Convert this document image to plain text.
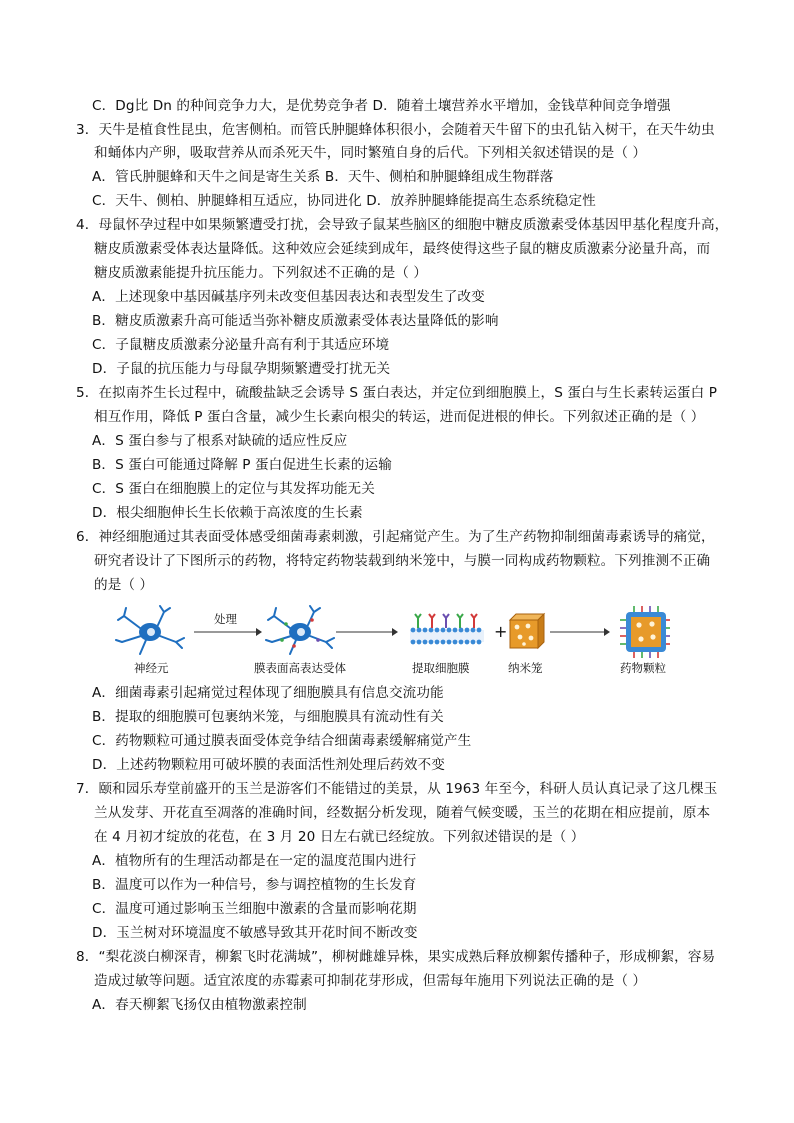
C．Dg比 Dn 的种间竞争力大，是优势竞争者 D．随着土壤营养水平增加，金钱草种间竞争增强
3．天牛是植食性昆虫，危害侧柏。而管氏肿腿蜂体积很小，会随着天牛留下的虫孔钻入树干，在天牛幼虫
和蛹体内产卵，吸取营养从而杀死天牛，同时繁殖自身的后代。下列相关叙述错误的是（ ）
A．管氏肿腿蜂和天牛之间是寄生关系 B．天牛、侧柏和肿腿蜂组成生物群落
C．天牛、侧柏、肿腿蜂相互适应，协同进化 D．放养肿腿蜂能提高生态系统稳定性
4．母鼠怀孕过程中如果频繁遭受打扰，会导致子鼠某些脑区的细胞中糖皮质激素受体基因甲基化程度升高，
糖皮质激素受体表达量降低。这种效应会延续到成年，最终使得这些子鼠的糖皮质激素分泌量升高，而
糖皮质激素能提升抗压能力。下列叙述不正确的是（ ）
A．上述现象中基因碱基序列未改变但基因表达和表型发生了改变
B．糖皮质激素升高可能适当弥补糖皮质激素受体表达量降低的影响
C．子鼠糖皮质激素分泌量升高有利于其适应环境
D．子鼠的抗压能力与母鼠孕期频繁遭受打扰无关
5．在拟南芥生长过程中，硫酸盐缺乏会诱导 S 蛋白表达，并定位到细胞膜上，S 蛋白与生长素转运蛋白 P
相互作用，降低 P 蛋白含量，减少生长素向根尖的转运，进而促进根的伸长。下列叙述正确的是（ ）
A．S 蛋白参与了根系对缺硫的适应性反应
B．S 蛋白可能通过降解 P 蛋白促进生长素的运输
C．S 蛋白在细胞膜上的定位与其发挥功能无关
D．根尖细胞伸长生长依赖于高浓度的生长素
6．神经细胞通过其表面受体感受细菌毒素刺激，引起痛觉产生。为了生产药物抑制细菌毒素诱导的痛觉，
研究者设计了下图所示的药物，将特定药物装载到纳米笼中，与膜一同构成药物颗粒。下列推测不正确
的是（ ）
+
处理
神经元	膜表面高表达受体	提取细胞膜	纳米笼	药物颗粒
A．细菌毒素引起痛觉过程体现了细胞膜具有信息交流功能
B．提取的细胞膜可包裹纳米笼，与细胞膜具有流动性有关
C．药物颗粒可通过膜表面受体竞争结合细菌毒素缓解痛觉产生
D．上述药物颗粒用可破坏膜的表面活性剂处理后药效不变
7．颐和园乐寿堂前盛开的玉兰是游客们不能错过的美景，从 1963 年至今，科研人员认真记录了这几棵玉
兰从发芽、开花直至凋落的准确时间，经数据分析发现，随着气候变暖，玉兰的花期在相应提前，原本
在 4 月初才绽放的花苞，在 3 月 20 日左右就已经绽放。下列叙述错误的是（ ）
A．植物所有的生理活动都是在一定的温度范围内进行
B．温度可以作为一种信号，参与调控植物的生长发育
C．温度可通过影响玉兰细胞中激素的含量而影响花期
D．玉兰树对环境温度不敏感导致其开花时间不断改变
8．“梨花淡白柳深青，柳絮飞时花满城”，柳树雌雄异株，果实成熟后释放柳絮传播种子，形成柳絮，容易
造成过敏等问题。适宜浓度的赤霉素可抑制花芽形成，但需每年施用下列说法正确的是（ ）
A．春天柳絮飞扬仅由植物激素控制
